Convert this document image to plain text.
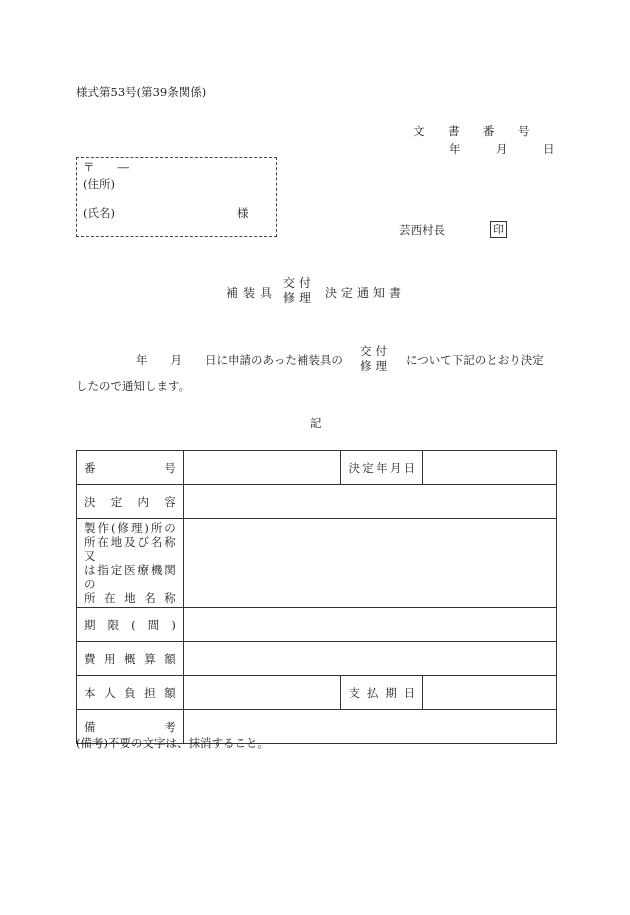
様式第53号(第39条関係)
文　書　番　号
年　月　日
〒　　―
(住所)
(氏名)	様
芸西村長	印
補装具
交付
修理 決定通知書
年　　月　　日に申請のあった補装具の
交付
修理 について下記のとおり決定
したので通知します。
記
番号		決定年月日	
決定内容			

製作(修理)所の
所在地及び名称又
は指定医療機関の
所在地名称			

期限(間)			
費用概算額			
本人負担額		支払期日	
備考			
(備考)不要の文字は、抹消すること。
